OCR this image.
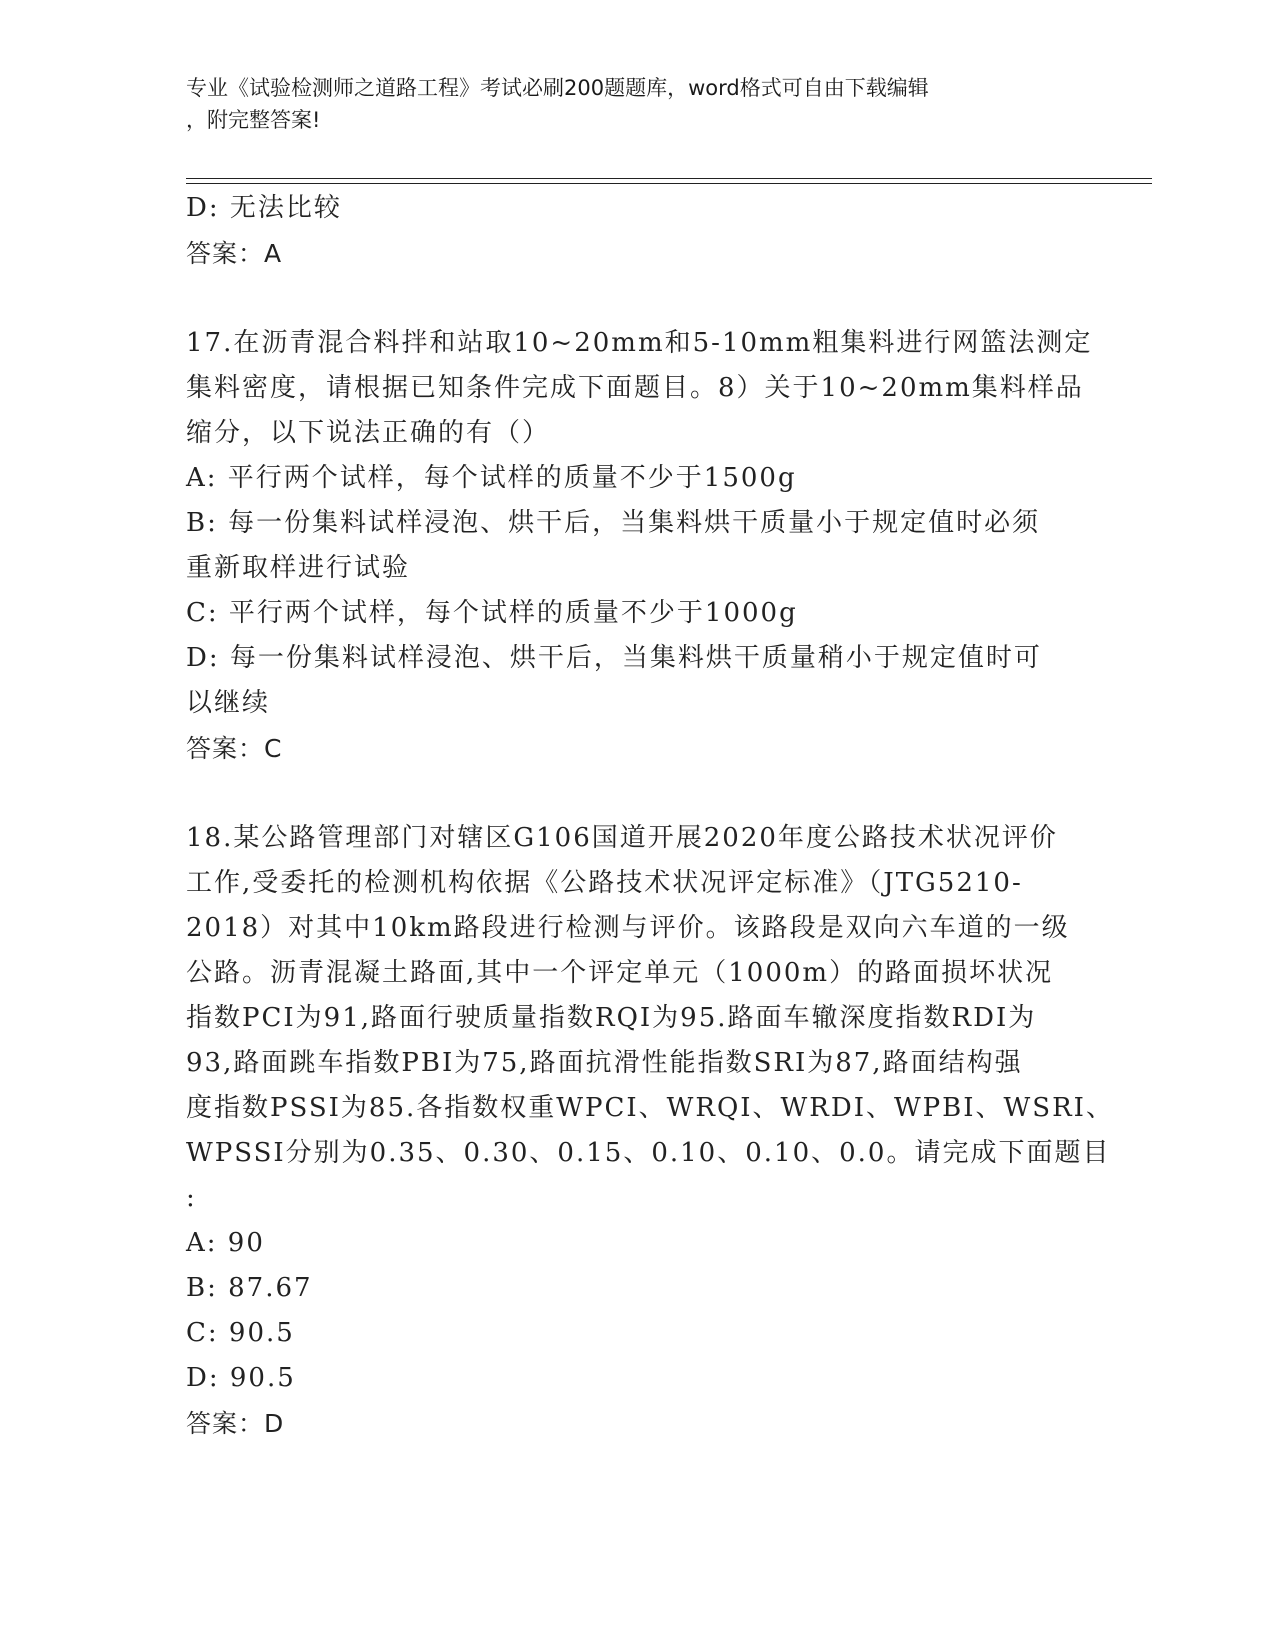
专业《试验检测师之道路工程》考试必刷200题题库，word格式可自由下载编辑
，附完整答案!
D: 无法比较
答案：A
17.在沥青混合料拌和站取10~20mm和5-10mm粗集料进行网篮法测定
集料密度，请根据已知条件完成下面题目。8）关于10~20mm集料样品
缩分，以下说法正确的有（）
A: 平行两个试样，每个试样的质量不少于1500g
B: 每一份集料试样浸泡、烘干后，当集料烘干质量小于规定值时必须
重新取样进行试验
C: 平行两个试样，每个试样的质量不少于1000g
D: 每一份集料试样浸泡、烘干后，当集料烘干质量稍小于规定值时可
以继续
答案：C
18.某公路管理部门对辖区G106国道开展2020年度公路技术状况评价
工作,受委托的检测机构依据《公路技术状况评定标准》（JTG5210-
2018）对其中10km路段进行检测与评价。该路段是双向六车道的一级
公路。沥青混凝土路面,其中一个评定单元（1000m）的路面损坏状况
指数PCI为91,路面行驶质量指数RQI为95.路面车辙深度指数RDI为
93,路面跳车指数PBI为75,路面抗滑性能指数SRI为87,路面结构强
度指数PSSI为85.各指数权重WPCI、WRQI、WRDI、WPBI、WSRI、
WPSSI分别为0.35、0.30、0.15、0.10、0.10、0.0。请完成下面题目
:
A: 90
B: 87.67
C: 90.5
D: 90.5
答案：D
